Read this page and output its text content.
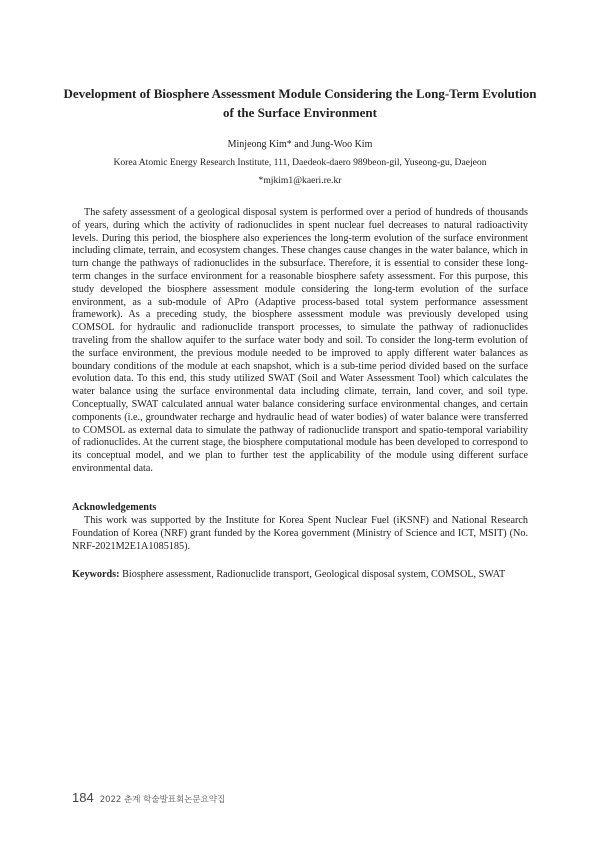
Development of Biosphere Assessment Module Considering the Long-Term Evolution of the Surface Environment
Minjeong Kim* and Jung-Woo Kim
Korea Atomic Energy Research Institute, 111, Daedeok-daero 989beon-gil, Yuseong-gu, Daejeon
*mjkim1@kaeri.re.kr

The safety assessment of a geological disposal system is performed over a period of hundreds of thousands of years, during which the activity of radionuclides in spent nuclear fuel decreases to natural radioactivity levels. During this period, the biosphere also experiences the long-term evolution of the surface environment including climate, terrain, and ecosystem changes. These changes cause changes in the water balance, which in turn change the pathways of radionuclides in the subsurface. Therefore, it is essential to consider these long-term changes in the surface environment for a reasonable biosphere safety assessment. For this purpose, this study developed the biosphere assessment module considering the long-term evolution of the surface environment, as a sub-module of APro (Adaptive process-based total system performance assessment framework). As a preceding study, the biosphere assessment module was previously developed using COMSOL for hydraulic and radionuclide transport processes, to simulate the pathway of radionuclides traveling from the shallow aquifer to the surface water body and soil. To consider the long-term evolution of the surface environment, the previous module needed to be improved to apply different water balances as boundary conditions of the module at each snapshot, which is a sub-time period divided based on the surface evolution data. To this end, this study utilized SWAT (Soil and Water Assessment Tool) which calculates the water balance using the surface environmental data including climate, terrain, land cover, and soil type. Conceptually, SWAT calculated annual water balance considering surface environmental changes, and certain components (i.e., groundwater recharge and hydraulic head of water bodies) of water balance were transferred to COMSOL as external data to simulate the pathway of radionuclide transport and spatio-temporal variability of radionuclides. At the current stage, the biosphere computational module has been developed to correspond to its conceptual model, and we plan to further test the applicability of the module using different surface environmental data.

Acknowledgements

This work was supported by the Institute for Korea Spent Nuclear Fuel (iKSNF) and National Research Foundation of Korea (NRF) grant funded by the Korea government (Ministry of Science and ICT, MSIT) (No. NRF-2021M2E1A1085185).

Keywords: Biosphere assessment, Radionuclide transport, Geological disposal system, COMSOL, SWAT

184 2022 춘계 학술발표회논문요약집
